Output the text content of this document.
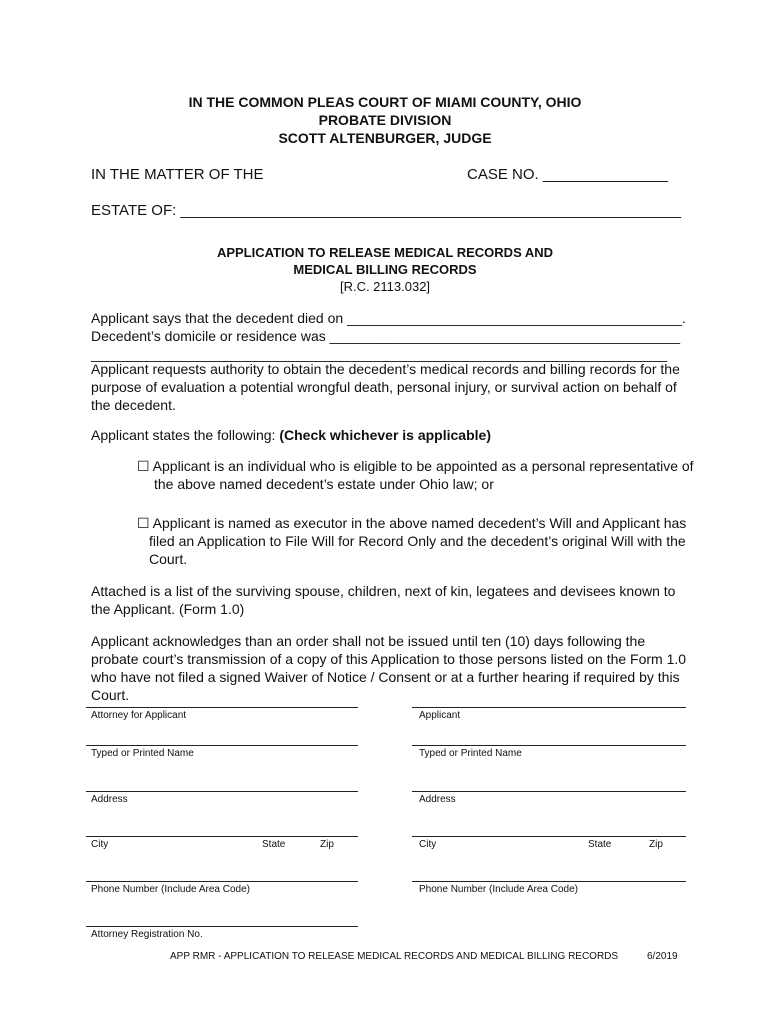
IN THE COMMON PLEAS COURT OF MIAMI COUNTY, OHIO
PROBATE DIVISION
SCOTT ALTENBURGER, JUDGE
IN THE MATTER OF THE	CASE NO. _______________
ESTATE OF: ____________________________________________________________
APPLICATION TO RELEASE MEDICAL RECORDS AND
MEDICAL BILLING RECORDS
[R.C. 2113.032]
Applicant says that the decedent died on ___________________________________________.
Decedent’s domicile or residence was _____________________________________________
__________________________________________________________________________
Applicant requests authority to obtain the decedent’s medical records and billing records for the purpose of evaluation a potential wrongful death, personal injury, or survival action on behalf of the decedent.
Applicant states the following: (Check whichever is applicable)
☐ Applicant is an individual who is eligible to be appointed as a personal representative of
the above named decedent’s estate under Ohio law; or
☐ Applicant is named as executor in the above named decedent’s Will and Applicant has
filed an Application to File Will for Record Only and the decedent’s original Will with the
Court.
Attached is a list of the surviving spouse, children, next of kin, legatees and devisees known to the Applicant. (Form 1.0)
Applicant acknowledges than an order shall not be issued until ten (10) days following the probate court’s transmission of a copy of this Application to those persons listed on the Form 1.0 who have not filed a signed Waiver of Notice / Consent or at a further hearing if required by this Court.
Attorney for Applicant
Typed or Printed Name
Address
City	State	Zip
Phone Number (Include Area Code)
Attorney Registration No.
Applicant
Typed or Printed Name
Address
City	State	Zip
Phone Number (Include Area Code)
APP RMR - APPLICATION TO RELEASE MEDICAL RECORDS AND MEDICAL BILLING RECORDS	6/2019
